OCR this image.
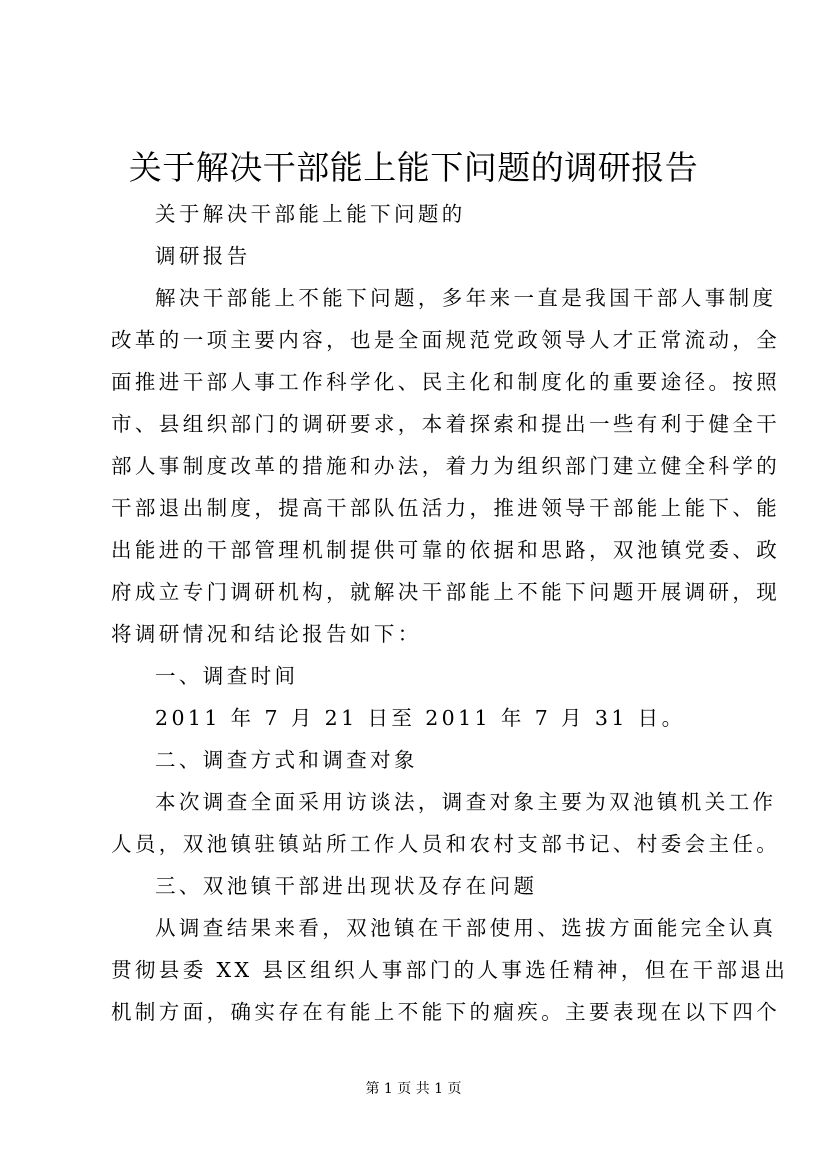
关于解决干部能上能下问题的调研报告

关于解决干部能上能下问题的

调研报告

解决干部能上不能下问题，多年来一直是我国干部人事制度

改革的一项主要内容，也是全面规范党政领导人才正常流动，全

面推进干部人事工作科学化、民主化和制度化的重要途径。按照

市、县组织部门的调研要求，本着探索和提出一些有利于健全干

部人事制度改革的措施和办法，着力为组织部门建立健全科学的

干部退出制度，提高干部队伍活力，推进领导干部能上能下、能

出能进的干部管理机制提供可靠的依据和思路，双池镇党委、政

府成立专门调研机构，就解决干部能上不能下问题开展调研，现

将调研情况和结论报告如下：

一、调查时间

2011 年 7 月 21 日至 2011 年 7 月 31 日。

二、调查方式和调查对象

本次调查全面采用访谈法，调查对象主要为双池镇机关工作

人员，双池镇驻镇站所工作人员和农村支部书记、村委会主任。

三、双池镇干部进出现状及存在问题

从调查结果来看，双池镇在干部使用、选拔方面能完全认真

贯彻县委 XX 县区组织人事部门的人事选任精神，但在干部退出

机制方面，确实存在有能上不能下的痼疾。主要表现在以下四个

第 1 页 共 1 页
